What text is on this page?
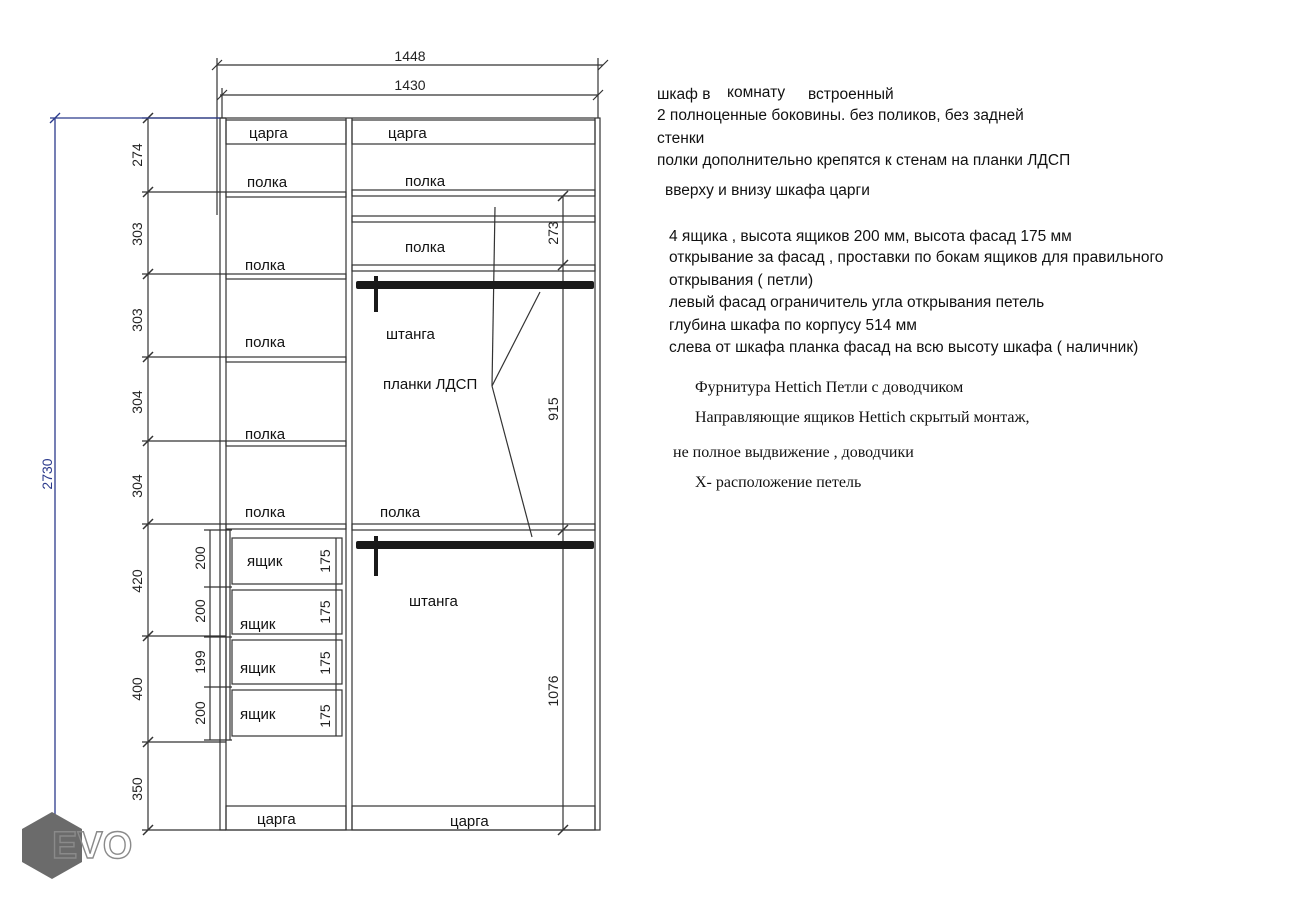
1448
1430
2730
274
303
303
304
304
420
400
350
200
200
199
200
175
175
175
175
273
915
1076
царга	царга
царга	царга
полка
полка
полка
полка
полка
полка
полка
полка
ящик
ящик
ящик
ящик
штанга
штанга
планки ЛДСП
EVO
шкаф в комнату встроенный
2 полноценные боковины. без поликов, без задней
стенки
полки дополнительно крепятся к стенам на планки ЛДСП
вверху и внизу шкафа царги
4 ящика , высота ящиков 200 мм, высота фасад 175 мм
открывание за фасад , проставки по бокам ящиков для правильного
открывания ( петли)
левый фасад ограничитель угла открывания петель
глубина шкафа по корпусу 514 мм
слева от шкафа планка фасад на всю высоту шкафа ( наличник)
Фурнитура Hettich Петли с доводчиком
Направляющие ящиков Hettich скрытый монтаж,
не полное выдвижение , доводчики
Х- расположение петель
